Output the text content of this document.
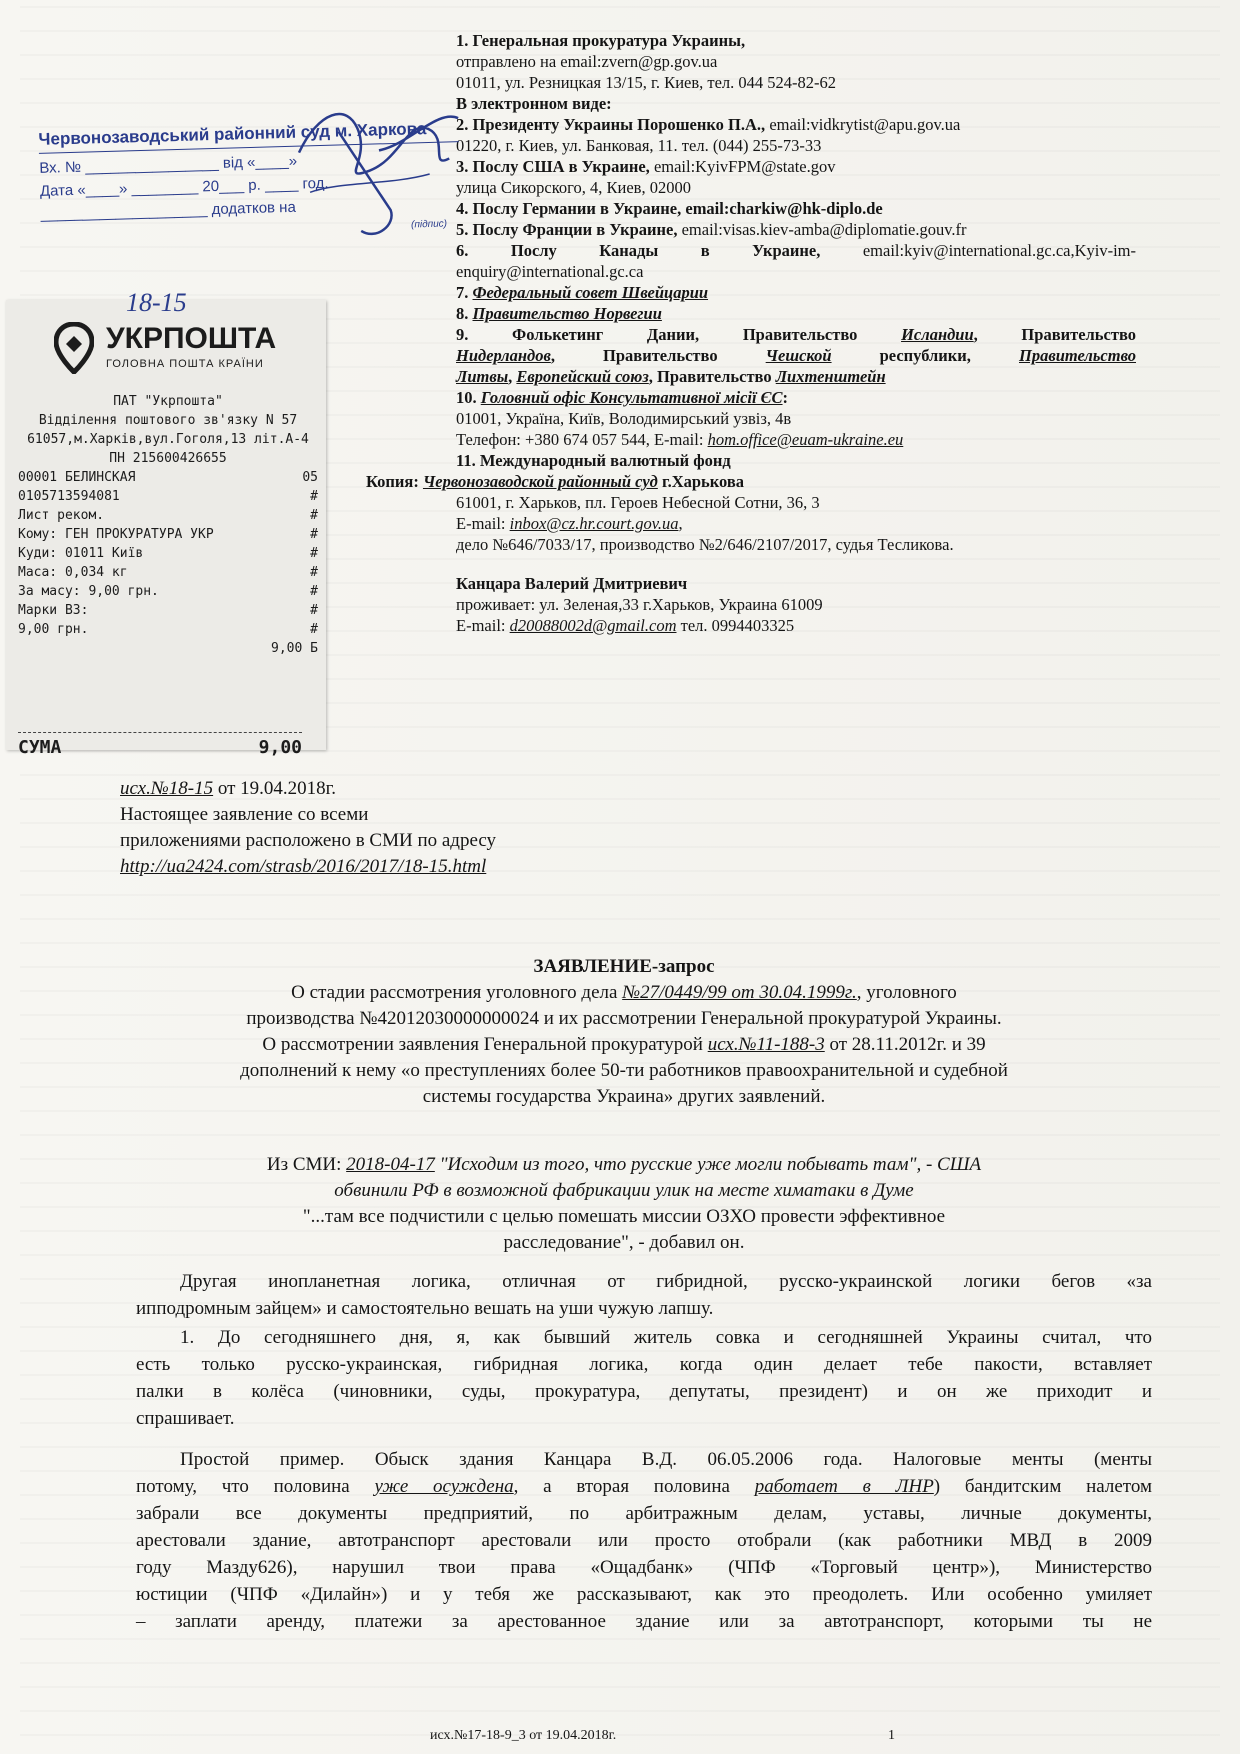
1. Генеральная прокуратура Украины,
отправлено на email:zvern@gp.gov.ua
01011, ул. Резницкая 13/15, г. Киев, тел. 044 524-82-62
В электронном виде:
2. Президенту Украины Порошенко П.А., email:vidkrytist@apu.gov.ua
01220, г. Киев, ул. Банковая, 11. тел. (044) 255-73-33
3. Послу США в Украине, email:KyivFPM@state.gov
улица Сикорского, 4, Киев, 02000
4. Послу Германии в Украине, email:charkiw@hk-diplo.de
5. Послу Франции в Украине, email:visas.kiev-amba@diplomatie.gouv.fr
6. Послу Канады в Украине, email:kyiv@international.gc.ca,Kyiv-im-
enquiry@international.gc.ca
7. Федеральный совет Швейцарии
8. Правительство Норвегии
9. Фолькетинг Дании, Правительство Исландии, Правительство
Нидерландов, Правительство Чешской республики, Правительство
Литвы, Европейский союз, Правительство Лихтенштейн
10. Головний офіс Консультативної місії ЄС:
01001, Україна, Київ, Володимирський узвіз, 4в
Телефон: +380 674 057 544, E-mail: hom.office@euam-ukraine.eu
11. Международный валютный фонд
Копия: Червонозаводской районный суд г.Харькова
61001, г. Харьков, пл. Героев Небесной Сотни, 36, 3
E-mail: inbox@cz.hr.court.gov.ua,
дело №646/7033/17, производство №2/646/2107/2017, судья Тесликова.
Канцара Валерий Дмитриевич
проживает: ул. Зеленая,33 г.Харьков, Украина 61009
E-mail: d20088002d@gmail.com тел. 0994403325
Червонозаводський районний суд м. Харкова
Вх. № ________________ від «____»
Дата «____» ________ 20___ р. ____ год.
____________________ додатков на
(підпис)
18-15
УКРПОШТА
ГОЛОВНА ПОШТА КРАЇНИ
ПАТ "Укрпошта"
Відділення поштового зв'язку N 57
61057,м.Харків,вул.Гоголя,13 літ.А-4
ПН 215600426655
00001 БЕЛИНСКАЯ	05
0105713594081	#
Лист реком.	#
Кому: ГЕН ПРОКУРАТУРА УКР	#
Куди: 01011 Київ	#
Маса: 0,034 кг	#
За масу: 9,00 грн.	#
Марки ВЗ:	#
9,00 грн.	#
9,00 Б
СУМА	9,00
исх.№18-15 от 19.04.2018г.
Настоящее заявление со всеми
приложениями расположено в СМИ по адресу
http://ua2424.com/strasb/2016/2017/18-15.html
ЗАЯВЛЕНИЕ-запрос
О стадии рассмотрения уголовного дела №27/0449/99 от 30.04.1999г., уголовного
производства №42012030000000024 и их рассмотрении Генеральной прокуратурой Украины.
О рассмотрении заявления Генеральной прокуратурой исх.№11-188-3 от 28.11.2012г. и 39
дополнений к нему «о преступлениях более 50-ти работников правоохранительной и судебной
системы государства Украина» других заявлений.
Из СМИ: 2018-04-17 "Исходим из того, что русские уже могли побывать там", - США
обвинили РФ в возможной фабрикации улик на месте химатаки в Думе
"...там все подчистили с целью помешать миссии ОЗХО провести эффективное
расследование", - добавил он.
Другая инопланетная логика, отличная от гибридной, русско-украинской логики бегов «за
ипподромным зайцем» и самостоятельно вешать на уши чужую лапшу.
1. До сегодняшнего дня, я, как бывший житель совка и сегодняшней Украины считал, что
есть только русско-украинская, гибридная логика, когда один делает тебе пакости, вставляет
палки в колёса (чиновники, суды, прокуратура, депутаты, президент) и он же приходит и
спрашивает.
Простой пример. Обыск здания Канцара В.Д. 06.05.2006 года. Налоговые менты (менты
потому, что половина уже осуждена, а вторая половина работает в ЛНР) бандитским налетом
забрали все документы предприятий, по арбитражным делам, уставы, личные документы,
арестовали здание, автотранспорт арестовали или просто отобрали (как работники МВД в 2009
году Мазду626), нарушил твои права «Ощадбанк» (ЧПФ «Торговый центр»), Министерство
юстиции (ЧПФ «Дилайн») и у тебя же рассказывают, как это преодолеть. Или особенно умиляет
– заплати аренду, платежи за арестованное здание или за автотранспорт, которыми ты не
исх.№17-18-9_3 от 19.04.2018г.	1
